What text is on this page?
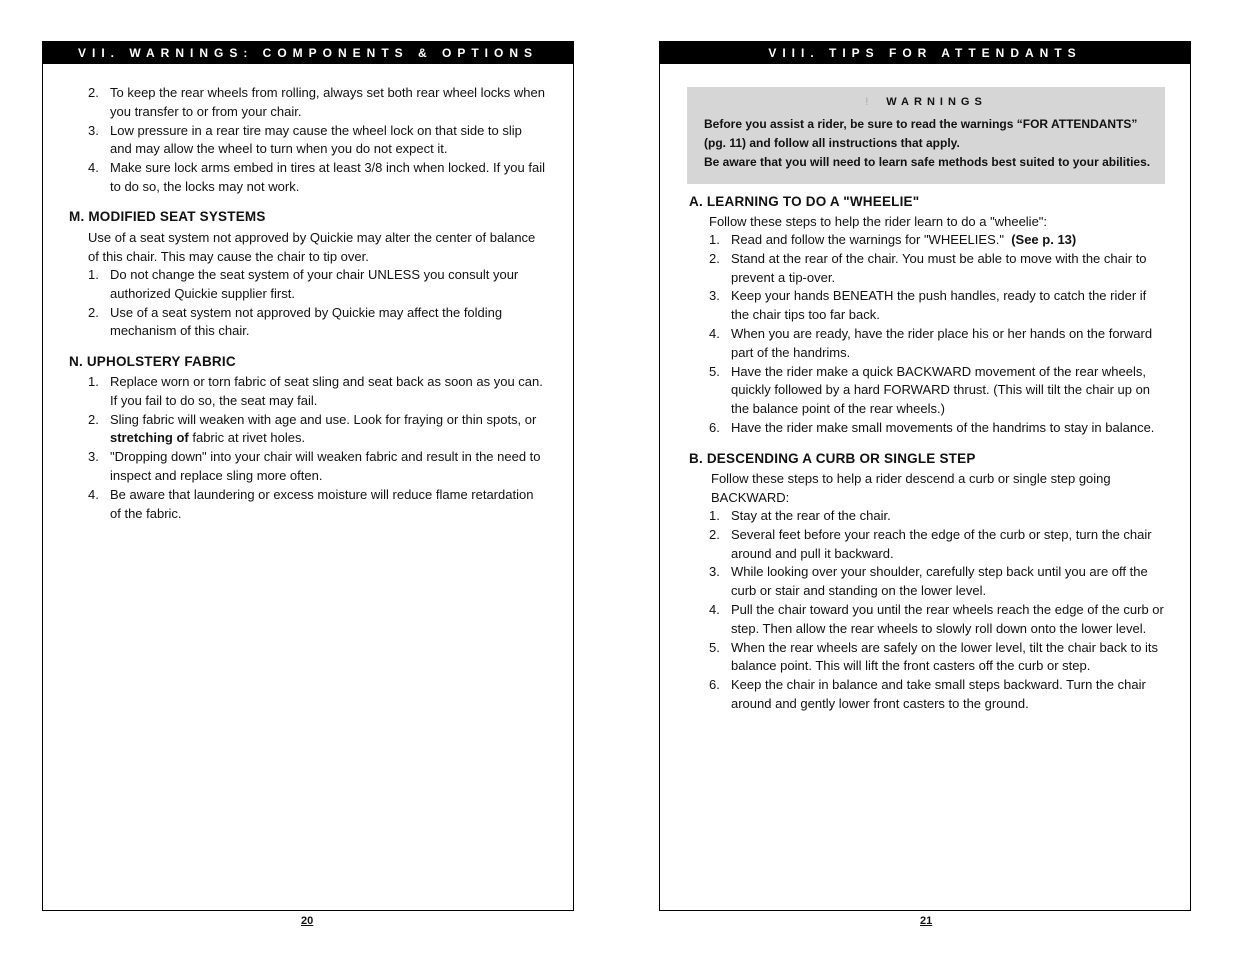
VII. WARNINGS: COMPONENTS & OPTIONS
2. To keep the rear wheels from rolling, always set both rear wheel locks when you transfer to or from your chair.
3. Low pressure in a rear tire may cause the wheel lock on that side to slip and may allow the wheel to turn when you do not expect it.
4. Make sure lock arms embed in tires at least 3/8 inch when locked. If you fail to do so, the locks may not work.
M. MODIFIED SEAT SYSTEMS
Use of a seat system not approved by Quickie may alter the center of balance of this chair. This may cause the chair to tip over.
1. Do not change the seat system of your chair UNLESS you consult your authorized Quickie supplier first.
2. Use of a seat system not approved by Quickie may affect the folding mechanism of this chair.
N. UPHOLSTERY FABRIC
1. Replace worn or torn fabric of seat sling and seat back as soon as you can. If you fail to do so, the seat may fail.
2. Sling fabric will weaken with age and use. Look for fraying or thin spots, or stretching of fabric at rivet holes.
3. "Dropping down" into your chair will weaken fabric and result in the need to inspect and replace sling more often.
4. Be aware that laundering or excess moisture will reduce flame retardation of the fabric.
20
VIII. TIPS FOR ATTENDANTS
! WARNINGS
Before you assist a rider, be sure to read the warnings “FOR ATTENDANTS” (pg. 11) and follow all instructions that apply.
Be aware that you will need to learn safe methods best suited to your abilities.
A. LEARNING TO DO A "WHEELIE"
Follow these steps to help the rider learn to do a "wheelie":
1. Read and follow the warnings for "WHEELIES."  (See p. 13)
2. Stand at the rear of the chair. You must be able to move with the chair to prevent a tip-over.
3. Keep your hands BENEATH the push handles, ready to catch the rider if the chair tips too far back.
4. When you are ready, have the rider place his or her hands on the forward part of the handrims.
5. Have the rider make a quick BACKWARD movement of the rear wheels, quickly followed by a hard FORWARD thrust. (This will tilt the chair up on the balance point of the rear wheels.)
6. Have the rider make small movements of the handrims to stay in balance.
B. DESCENDING A CURB OR SINGLE STEP
Follow these steps to help a rider descend a curb or single step going BACKWARD:
1. Stay at the rear of the chair.
2. Several feet before your reach the edge of the curb or step, turn the chair around and pull it backward.
3. While looking over your shoulder, carefully step back until you are off the curb or stair and standing on the lower level.
4. Pull the chair toward you until the rear wheels reach the edge of the curb or step. Then allow the rear wheels to slowly roll down onto the lower level.
5. When the rear wheels are safely on the lower level, tilt the chair back to its balance point. This will lift the front casters off the curb or step.
6. Keep the chair in balance and take small steps backward. Turn the chair around and gently lower front casters to the ground.
21
